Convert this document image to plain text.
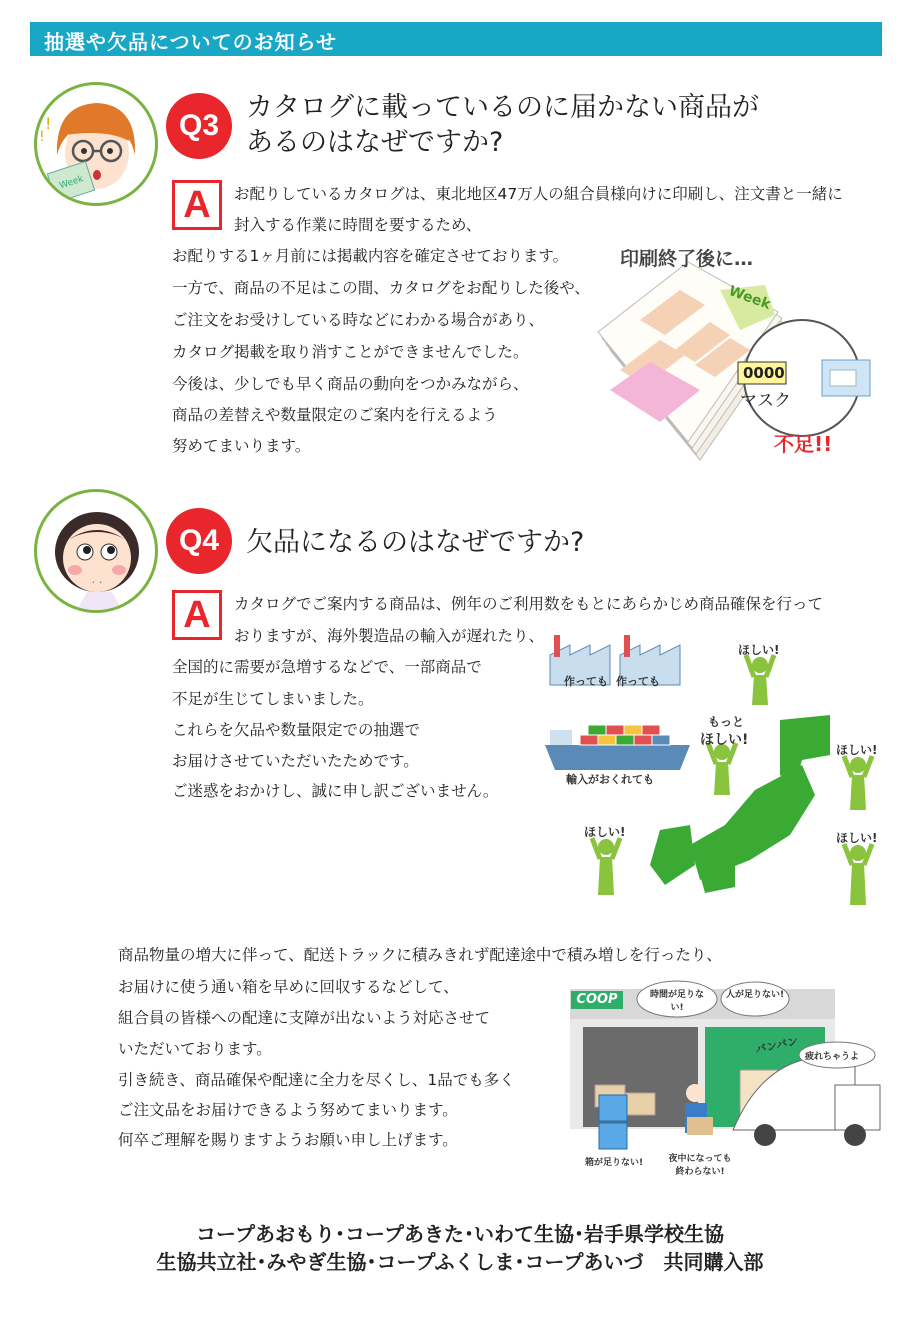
抽選や欠品についてのお知らせ
Week
!
!	Q3
カタログに載っているのに届かない商品が
あるのはなぜですか?
A	お配りしているカタログは、東北地区47万人の組合員様向けに印刷し、注文書と一緒に
封入する作業に時間を要するため、
お配りする1ヶ月前には掲載内容を確定させております。
一方で、商品の不足はこの間、カタログをお配りした後や、
ご注文をお受けしている時などにわかる場合があり、
カタログ掲載を取り消すことができませんでした。
今後は、少しでも早く商品の動向をつかみながら、
商品の差替えや数量限定のご案内を行えるよう
努めてまいります。
印刷終了後に…
Week
0000
マスク
不足!!
Q4 欠品になるのはなぜですか?
A	カタログでご案内する商品は、例年のご利用数をもとにあらかじめ商品確保を行って
おりますが、海外製造品の輸入が遅れたり、
全国的に需要が急増するなどで、一部商品で
不足が生じてしまいました。
これらを欠品や数量限定での抽選で
お届けさせていただいたためです。
ご迷惑をおかけし、誠に申し訳ございません。
作っても 作っても
輸入がおくれても
ほしい!
もっと
ほしい!
ほしい!
ほしい!	ほしい!
商品物量の増大に伴って、配送トラックに積みきれず配達途中で積み増しを行ったり、
お届けに使う通い箱を早めに回収するなどして、
組合員の皆様への配達に支障が出ないよう対応させて
いただいております。
引き続き、商品確保や配達に全力を尽くし、1品でも多く
ご注文品をお届けできるよう努めてまいります。
何卒ご理解を賜りますようお願い申し上げます。
COOP	時間が足りない!
人が足りない!
バンバン
疲れちゃうよ
箱が足りない!	夜中になっても終わらない!
コープあおもり･コープあきた･いわて生協･岩手県学校生協
生協共立社･みやぎ生協･コープふくしま･コープあいづ　共同購入部
